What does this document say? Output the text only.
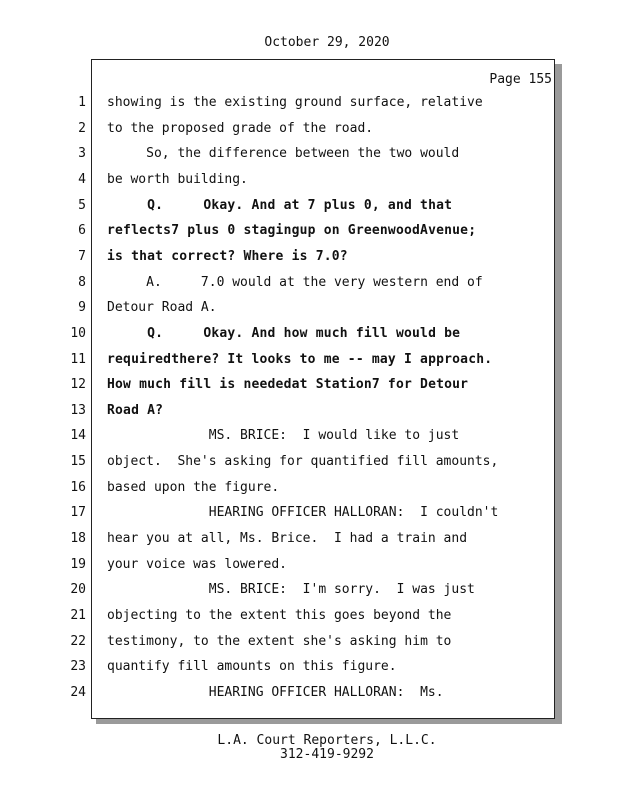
October 29, 2020
Page 155
1 showing is the existing ground surface, relative
2 to the proposed grade of the road.
3 So, the difference between the two would
4 be worth building.
5 Q.     Okay. And at 7 plus 0, and that
6 reflects7 plus 0 stagingup on GreenwoodAvenue;
7 is that correct? Where is 7.0?
8 A.     7.0 would at the very western end of
9 Detour Road A.
10 Q.     Okay. And how much fill would be
11 requiredthere? It looks to me -- may I approach.
12 How much fill is neededat Station7 for Detour
13 Road A?
14 MS. BRICE:  I would like to just
15 object.  She's asking for quantified fill amounts,
16 based upon the figure.
17 HEARING OFFICER HALLORAN:  I couldn't
18 hear you at all, Ms. Brice.  I had a train and
19 your voice was lowered.
20 MS. BRICE:  I'm sorry.  I was just
21 objecting to the extent this goes beyond the
22 testimony, to the extent she's asking him to
23 quantify fill amounts on this figure.
24 HEARING OFFICER HALLORAN:  Ms.
L.A. Court Reporters, L.L.C.
312-419-9292
